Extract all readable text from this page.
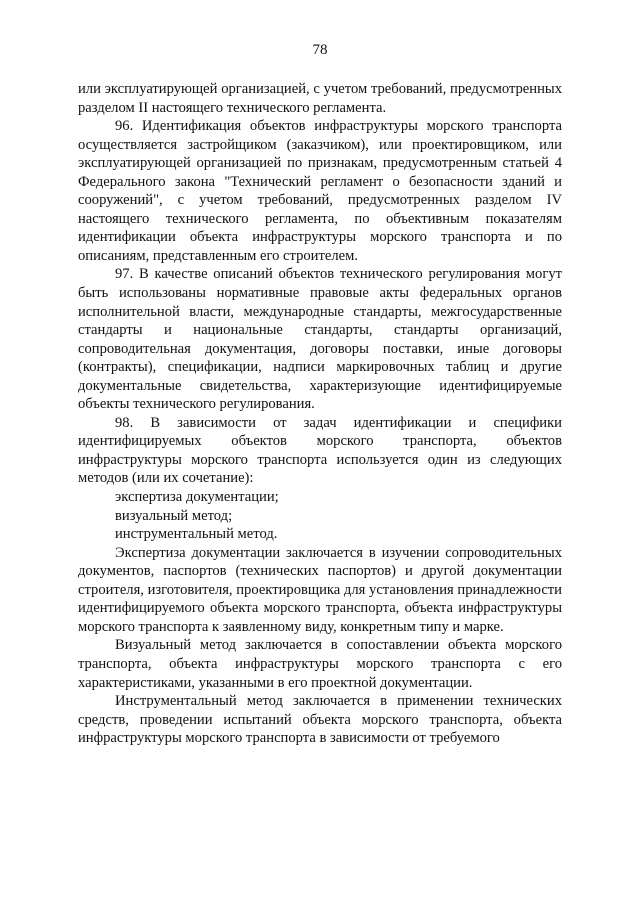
78

или эксплуатирующей организацией, с учетом требований, предусмотренных разделом II настоящего технического регламента.

96. Идентификация объектов инфраструктуры морского транспорта осуществляется застройщиком (заказчиком), или проектировщиком, или эксплуатирующей организацией по признакам, предусмотренным статьей 4 Федерального закона "Технический регламент о безопасности зданий и сооружений", с учетом требований, предусмотренных разделом IV настоящего технического регламента, по объективным показателям идентификации объекта инфраструктуры морского транспорта и по описаниям, представленным его строителем.

97. В качестве описаний объектов технического регулирования могут быть использованы нормативные правовые акты федеральных органов исполнительной власти, международные стандарты, межгосударственные стандарты и национальные стандарты, стандарты организаций, сопроводительная документация, договоры поставки, иные договоры (контракты), спецификации, надписи маркировочных таблиц и другие документальные свидетельства, характеризующие идентифицируемые объекты технического регулирования.

98. В зависимости от задач идентификации и специфики идентифицируемых объектов морского транспорта, объектов инфраструктуры морского транспорта используется один из следующих методов (или их сочетание):

экспертиза документации;

визуальный метод;

инструментальный метод.

Экспертиза документации заключается в изучении сопроводительных документов, паспортов (технических паспортов) и другой документации строителя, изготовителя, проектировщика для установления принадлежности идентифицируемого объекта морского транспорта, объекта инфраструктуры морского транспорта к заявленному виду, конкретным типу и марке.

Визуальный метод заключается в сопоставлении объекта морского транспорта, объекта инфраструктуры морского транспорта с его характеристиками, указанными в его проектной документации.

Инструментальный метод заключается в применении технических средств, проведении испытаний объекта морского транспорта, объекта инфраструктуры морского транспорта в зависимости от требуемого
